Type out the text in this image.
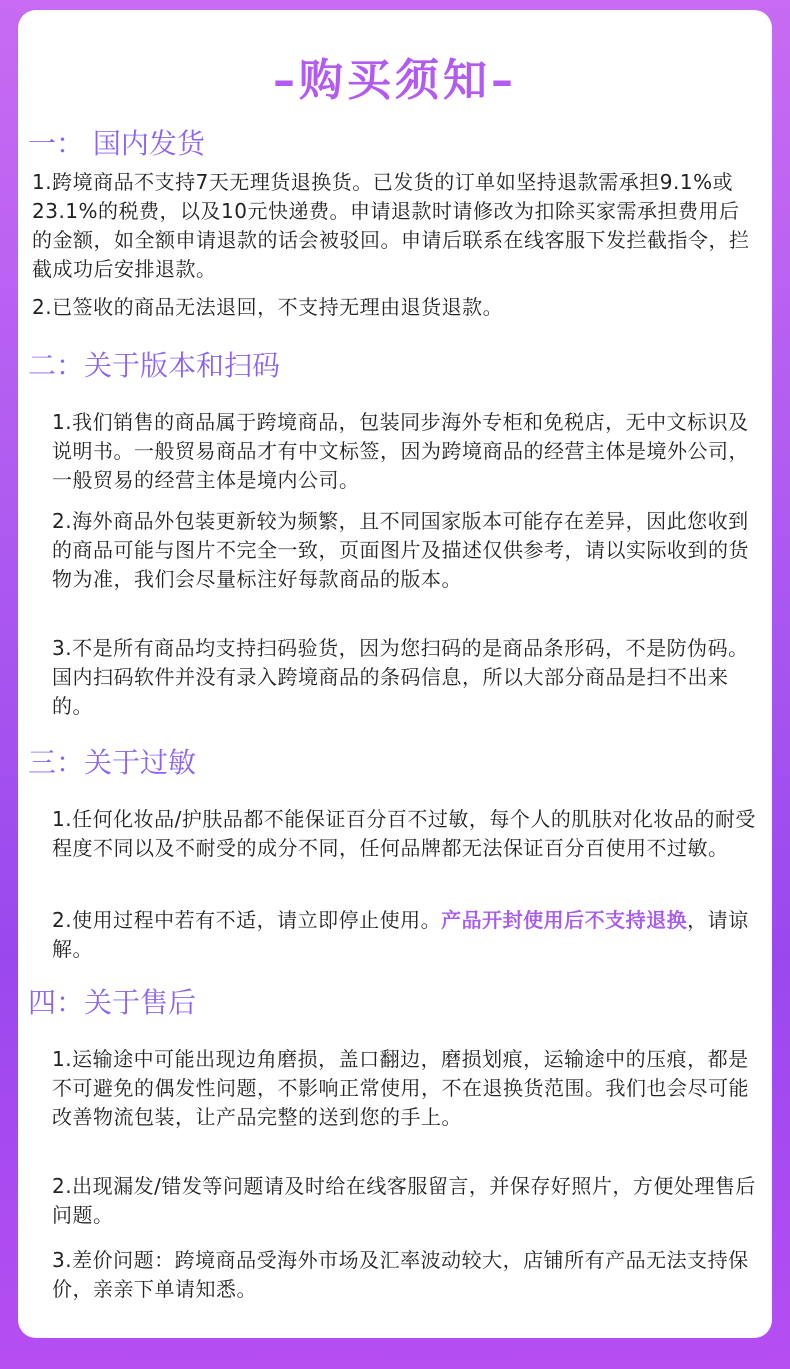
–购买须知–
一： 国内发货
1.跨境商品不支持7天无理货退换货。已发货的订单如坚持退款需承担9.1%或23.1%的税费，以及10元快递费。申请退款时请修改为扣除买家需承担费用后的金额，如全额申请退款的话会被驳回。申请后联系在线客服下发拦截指令，拦截成功后安排退款。
2.已签收的商品无法退回，不支持无理由退货退款。
二：关于版本和扫码
1.我们销售的商品属于跨境商品，包装同步海外专柜和免税店，无中文标识及说明书。一般贸易商品才有中文标签，因为跨境商品的经营主体是境外公司，一般贸易的经营主体是境内公司。
2.海外商品外包装更新较为频繁，且不同国家版本可能存在差异，因此您收到的商品可能与图片不完全一致，页面图片及描述仅供参考，请以实际收到的货物为准，我们会尽量标注好每款商品的版本。
3.不是所有商品均支持扫码验货，因为您扫码的是商品条形码，不是防伪码。国内扫码软件并没有录入跨境商品的条码信息，所以大部分商品是扫不出来的。
三：关于过敏
1.任何化妆品/护肤品都不能保证百分百不过敏，每个人的肌肤对化妆品的耐受程度不同以及不耐受的成分不同，任何品牌都无法保证百分百使用不过敏。
2.使用过程中若有不适，请立即停止使用。产品开封使用后不支持退换，请谅解。
四：关于售后
1.运输途中可能出现边角磨损，盖口翻边，磨损划痕，运输途中的压痕，都是不可避免的偶发性问题，不影响正常使用，不在退换货范围。我们也会尽可能改善物流包装，让产品完整的送到您的手上。
2.出现漏发/错发等问题请及时给在线客服留言，并保存好照片，方便处理售后问题。
3.差价问题：跨境商品受海外市场及汇率波动较大，店铺所有产品无法支持保价，亲亲下单请知悉。
